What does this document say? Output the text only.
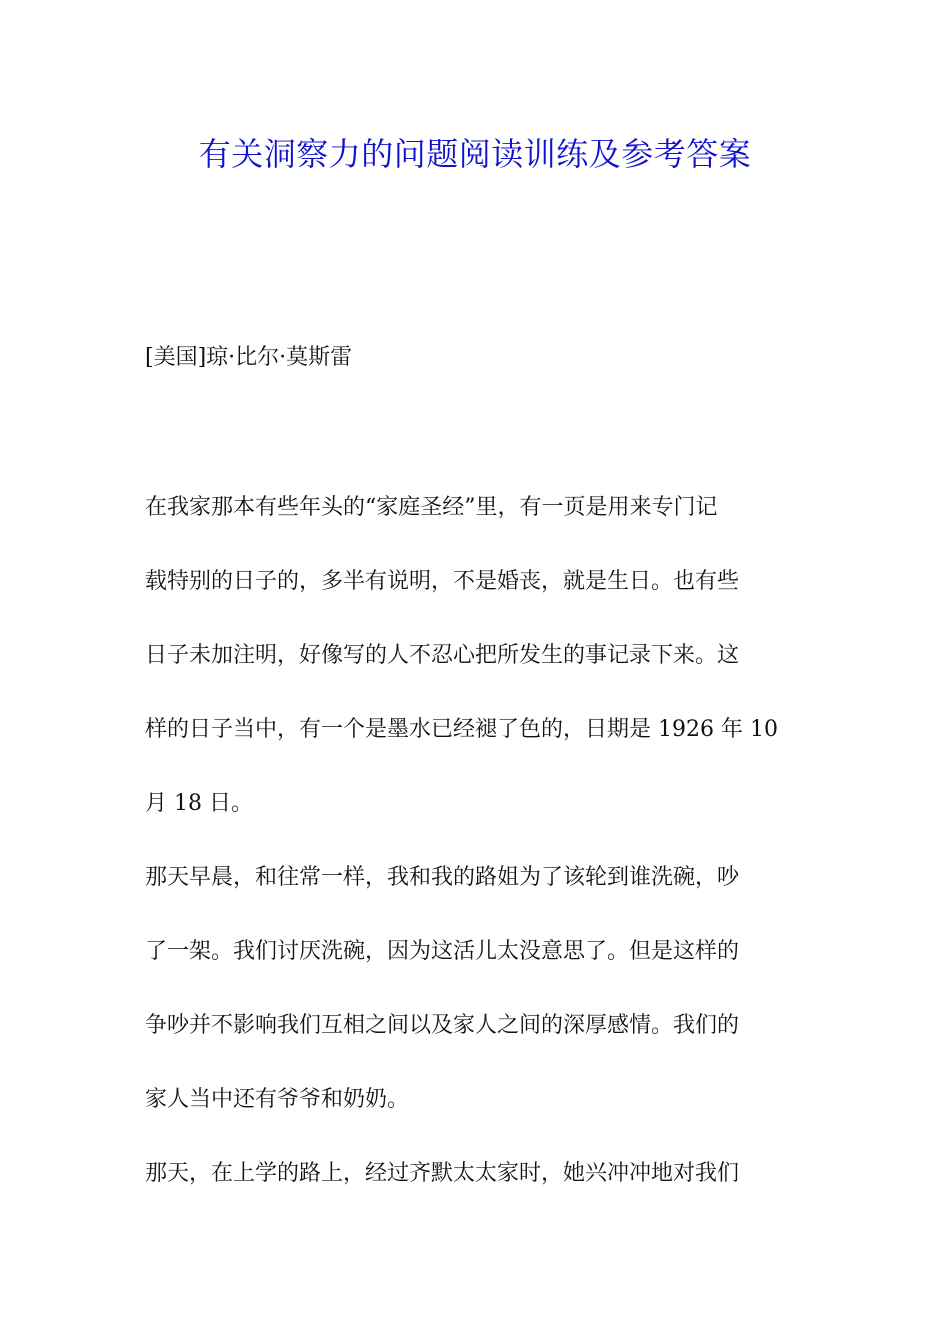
有关洞察力的问题阅读训练及参考答案

[美国]琼·比尔·莫斯雷

在我家那本有些年头的“家庭圣经”里，有一页是用来专门记
载特别的日子的，多半有说明，不是婚丧，就是生日。也有些
日子未加注明，好像写的人不忍心把所发生的事记录下来。这
样的日子当中，有一个是墨水已经褪了色的，日期是 1926 年 10
月 18 日。
那天早晨，和往常一样，我和我的路姐为了该轮到谁洗碗，吵
了一架。我们讨厌洗碗，因为这活儿太没意思了。但是这样的
争吵并不影响我们互相之间以及家人之间的深厚感情。我们的
家人当中还有爷爷和奶奶。
那天，在上学的路上，经过齐默太太家时，她兴冲冲地对我们
